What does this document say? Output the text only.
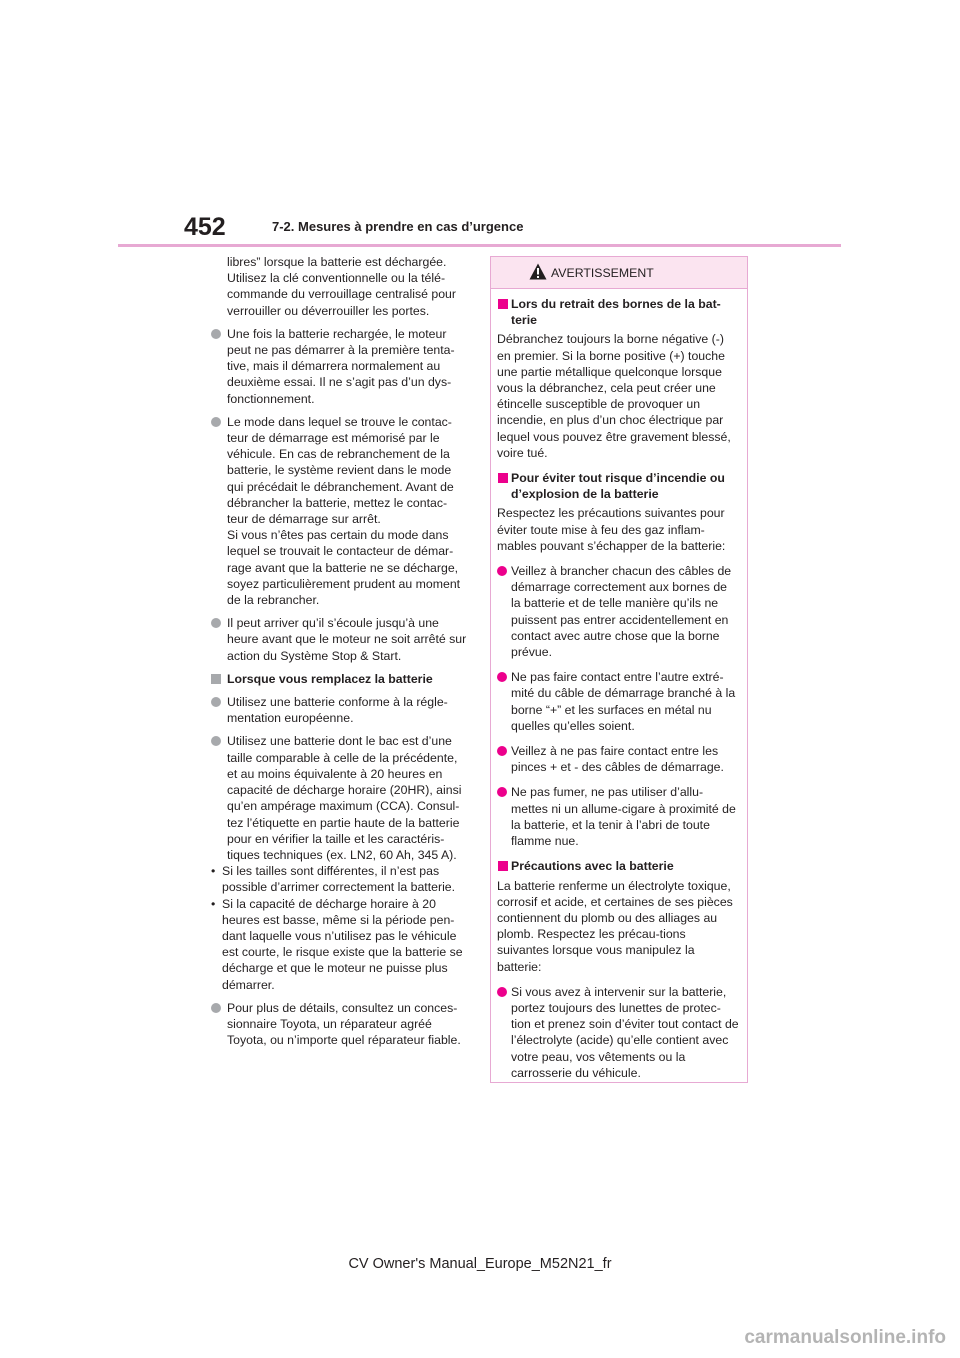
452	7-2. Mesures à prendre en cas d’urgence

libres” lorsque la batterie est déchargée. Utilisez la clé conventionnelle ou la télé-commande du verrouillage centralisé pour verrouiller ou déverrouiller les portes.

Une fois la batterie rechargée, le moteur peut ne pas démarrer à la première tenta-tive, mais il démarrera normalement au deuxième essai. Il ne s’agit pas d’un dys-fonctionnement.
Le mode dans lequel se trouve le contac-teur de démarrage est mémorisé par le véhicule. En cas de rebranchement de la batterie, le système revient dans le mode qui précédait le débranchement. Avant de débrancher la batterie, mettez le contac-teur de démarrage sur arrêt.
Si vous n’êtes pas certain du mode dans lequel se trouvait le contacteur de démar-rage avant que la batterie ne se décharge, soyez particulièrement prudent au moment de la rebrancher.
Il peut arriver qu’il s’écoule jusqu’à une heure avant que le moteur ne soit arrêté sur action du Système Stop & Start.
Lorsque vous remplacez la batterie
Utilisez une batterie conforme à la régle-mentation européenne.
Utilisez une batterie dont le bac est d’une taille comparable à celle de la précédente, et au moins équivalente à 20 heures en capacité de décharge horaire (20HR), ainsi qu’en ampérage maximum (CCA). Consul-tez l’étiquette en partie haute de la batterie pour en vérifier la taille et les caractéris-tiques techniques (ex. LN2, 60 Ah, 345 A).
• Si les tailles sont différentes, il n’est pas possible d’arrimer correctement la batterie.
• Si la capacité de décharge horaire à 20 heures est basse, même si la période pen-dant laquelle vous n’utilisez pas le véhicule est courte, le risque existe que la batterie se décharge et que le moteur ne puisse plus démarrer.
Pour plus de détails, consultez un conces-sionnaire Toyota, un réparateur agréé Toyota, ou n’importe quel réparateur fiable.
AVERTISSEMENT
Lors du retrait des bornes de la bat-terie

Débranchez toujours la borne négative (-) en premier. Si la borne positive (+) touche une partie métallique quelconque lorsque vous la débranchez, cela peut créer une étincelle susceptible de provoquer un incendie, en plus d’un choc électrique par lequel vous pouvez être gravement blessé, voire tué.

Pour éviter tout risque d’incendie ou d’explosion de la batterie

Respectez les précautions suivantes pour éviter toute mise à feu des gaz inflam-mables pouvant s’échapper de la batterie:

Veillez à brancher chacun des câbles de démarrage correctement aux bornes de la batterie et de telle manière qu’ils ne puissent pas entrer accidentellement en contact avec autre chose que la borne prévue.
Ne pas faire contact entre l’autre extré-mité du câble de démarrage branché à la borne “+” et les surfaces en métal nu quelles qu’elles soient.
Veillez à ne pas faire contact entre les pinces + et - des câbles de démarrage.
Ne pas fumer, ne pas utiliser d’allu-mettes ni un allume-cigare à proximité de la batterie, et la tenir à l’abri de toute flamme nue.
Précautions avec la batterie

La batterie renferme un électrolyte toxique, corrosif et acide, et certaines de ses pièces contiennent du plomb ou des alliages au plomb. Respectez les précau-tions suivantes lorsque vous manipulez la batterie:

Si vous avez à intervenir sur la batterie, portez toujours des lunettes de protec-tion et prenez soin d’éviter tout contact de l’électrolyte (acide) qu’elle contient avec votre peau, vos vêtements ou la carrosserie du véhicule.
CV Owner's Manual_Europe_M52N21_fr
carmanualsonline.info
